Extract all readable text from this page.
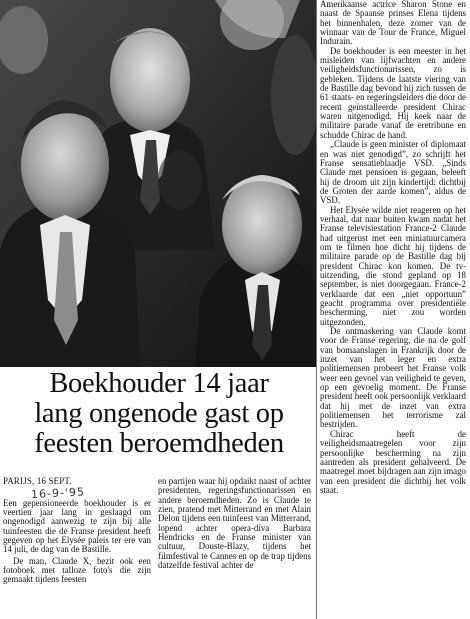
Boekhouder 14 jaar
lang ongenode gast op
feesten beroemdheden

PARIJS, 16 SEPT.
16-9-'95
Een gepensioneerde boekhouder is er veertien jaar lang in geslaagd om ongenodigd aanwezig te zijn bij alle tuinfeesten die de Franse president heeft gegeven op het Elysée paleis ter ere van 14 juli, de dag van de Bastille.

De man, Claude X, bezit ook een fotoboek met talloze foto's die zijn gemaakt tijdens feesten

en partijen waar hij opdaikt naast of achter presidenten, regeringsfunctionarissen en andere beroemdheden. Zo is Claude te zien, pratend met Mitterrand en met Alain Delon tijdens een tuinfeest van Mitterrand, lopend achter opera-diva Barbara Hendricks en de Franse minister van cultuur, Douste-Blazy, tijdens het filmfestival te Cannes en op de trap tijdens datzelfde festival achter de

Amerikaanse actrice Sharon Stone en naast de Spaanse prinses Elena tijdens het binnenhalen, deze zomer van de winnaar van de Tour de France, Miguel Indurain.

De boekhouder is een meester in het misleiden van lijfwachten en andere veiligheidsfunctionarissen, zo is gebleken. Tijdens de laatste viering van de Bastille dag bevond hij zich tussen de 61 staats- en regeringsleiders die door de recent geïnstalleerde president Chirac waren uitgenodigd. Hij keek naar de militaire parade vanaf de eretribune en schudde Chirac de hand.

„Claude is geen minister of diplomaat en was niet genodigd”, zo schrijft het Franse sensatieblaadje VSD. „Sinds Claude met pensioen is gegaan, beleeft hij de droom uit zijn kindertijd: dichtbij de Groten der aarde komen”, aldus de VSD.

Het Elysée wilde niet reageren op het verhaal, dat naar buiten kwam nadat het Franse televisiestation France-2 Claude had uitgerust met een miniatuurcamera om te filmen hoe dicht hij tijdens de militaire parade op de Bastille dag bij president Chirac kon komen. De tv-uitzending, die stond gepland op 18 september, is niet doorgegaan. France-2 verklaarde dat een „niet opportuun” geacht programma over presidentiële bescherming, niet zou worden uitgezonden.

De ontmaskering van Claude komt voor de Franse regering, die na de golf van bomaanslagen in Frankrijk door de inzet van het leger en extra politiemensen probeert het Franse volk weer een gevoel van veiligheid te geven, op een gevoelig moment. De Franse president heeft ook persoonlijk verklaard dat hij met de inzet van extra politiemensen het terrorisme zal bestrijden.

Chirac heeft de veiligheidsmaatregelen voor zijn persoonlijke bescherming na zijn aantreden als president gehalveerd. De maatregel moet bijdragen aan zijn imago van een president die dichtbij het volk staat.
